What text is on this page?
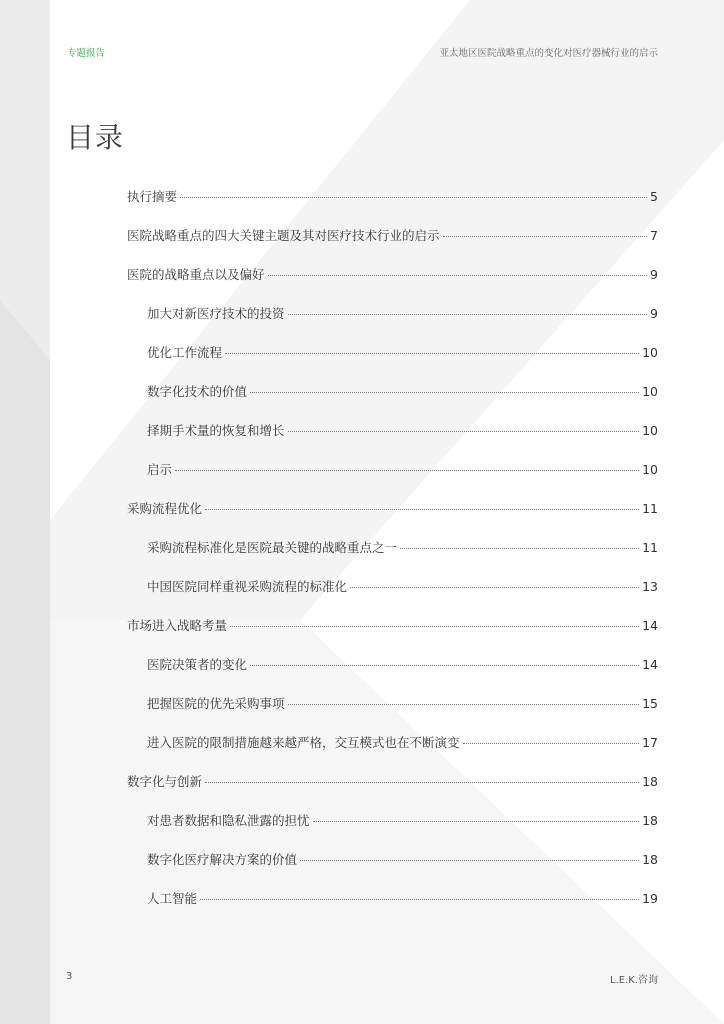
专题报告	亚太地区医院战略重点的变化对医疗器械行业的启示
目录
执行摘要	5
医院战略重点的四大关键主题及其对医疗技术行业的启示	7
医院的战略重点以及偏好	9
加大对新医疗技术的投资	9
优化工作流程	10
数字化技术的价值	10
择期手术量的恢复和增长	10
启示	10
采购流程优化	11
采购流程标准化是医院最关键的战略重点之一	11
中国医院同样重视采购流程的标准化	13
市场进入战略考量	14
医院决策者的变化	14
把握医院的优先采购事项	15
进入医院的限制措施越来越严格，交互模式也在不断演变	17
数字化与创新	18
对患者数据和隐私泄露的担忧	18
数字化医疗解决方案的价值	18
人工智能	19
3	L.E.K.咨询
